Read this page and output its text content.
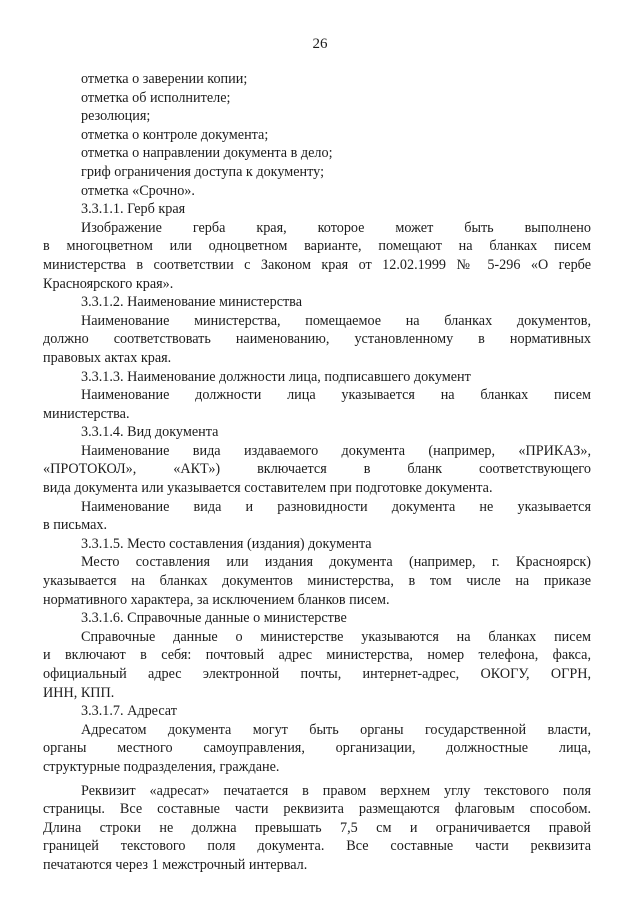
26
отметка о заверении копии;
отметка об исполнителе;
резолюция;
отметка о контроле документа;
отметка о направлении документа в дело;
гриф ограничения доступа к документу;
отметка «Срочно».
3.3.1.1. Герб края
Изображение герба края, которое может быть выполнено
в многоцветном или одноцветном варианте, помещают на бланках писем
министерства в соответствии с Законом края от 12.02.1999 № 5-296 «О гербе
Красноярского края».
3.3.1.2. Наименование министерства
Наименование министерства, помещаемое на бланках документов,
должно соответствовать наименованию, установленному в нормативных
правовых актах края.
3.3.1.3. Наименование должности лица, подписавшего документ
Наименование должности лица указывается на бланках писем
министерства.
3.3.1.4. Вид документа
Наименование вида издаваемого документа (например, «ПРИКАЗ»,
«ПРОТОКОЛ», «АКТ») включается в бланк соответствующего
вида документа или указывается составителем при подготовке документа.
Наименование вида и разновидности документа не указывается
в письмах.
3.3.1.5. Место составления (издания) документа
Место составления или издания документа (например, г. Красноярск)
указывается на бланках документов министерства, в том числе на приказе
нормативного характера, за исключением бланков писем.
3.3.1.6. Справочные данные о министерстве
Справочные данные о министерстве указываются на бланках писем
и включают в себя: почтовый адрес министерства, номер телефона, факса,
официальный адрес электронной почты, интернет-адрес, ОКОГУ, ОГРН,
ИНН, КПП.
3.3.1.7. Адресат
Адресатом документа могут быть органы государственной власти,
органы местного самоуправления, организации, должностные лица,
структурные подразделения, граждане.
Реквизит «адресат» печатается в правом верхнем углу текстового поля
страницы. Все составные части реквизита размещаются флаговым способом.
Длина строки не должна превышать 7,5 см и ограничивается правой
границей текстового поля документа. Все составные части реквизита
печатаются через 1 межстрочный интервал.
